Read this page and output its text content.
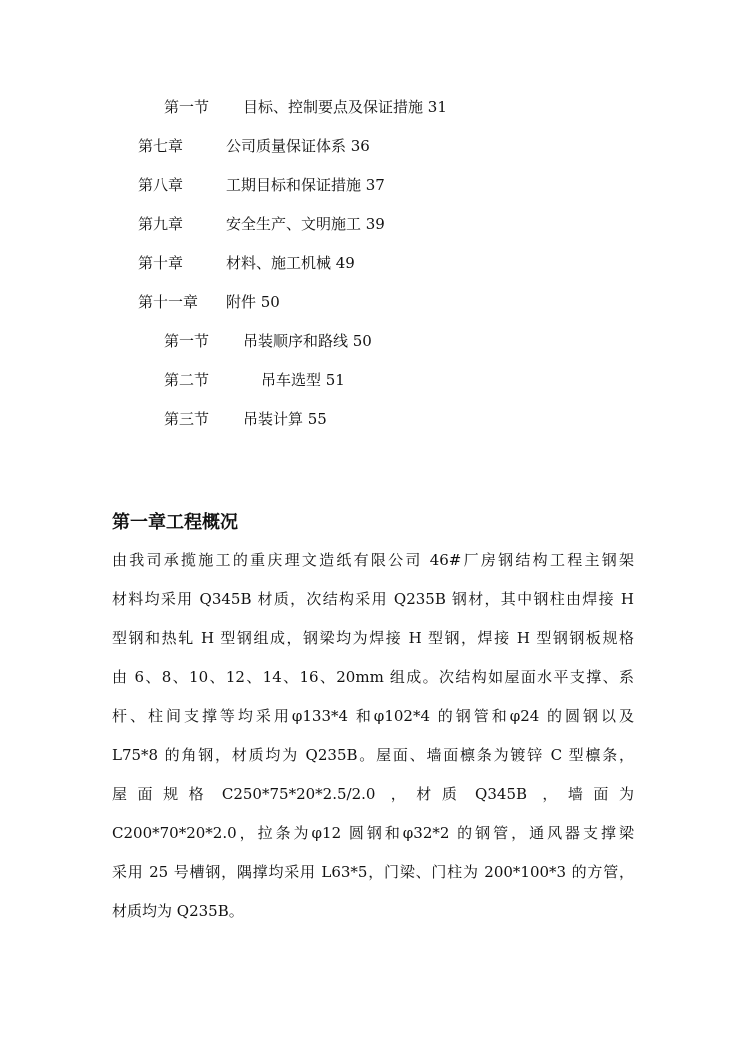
第一节 目标、控制要点及保证措施 31
第七章	公司质量保证体系 36
第八章	工期目标和保证措施 37
第九章	安全生产、文明施工 39
第十章	材料、施工机械 49
第十一章 附件 50
第一节 吊装顺序和路线 50
第二节	吊车选型 51
第三节 吊装计算 55
第一章工程概况
由我司承揽施工的重庆理文造纸有限公司 46#厂房钢结构工程主钢架
材料均采用 Q345B 材质，次结构采用 Q235B 钢材，其中钢柱由焊接 H
型钢和热轧 H 型钢组成，钢梁均为焊接 H 型钢，焊接 H 型钢钢板规格
由 6、8、10、12、14、16、20mm 组成。次结构如屋面水平支撑、系
杆、柱间支撑等均采用φ133*4 和φ102*4 的钢管和φ24 的圆钢以及
L75*8 的角钢，材质均为 Q235B。屋面、墙面檩条为镀锌 C 型檩条，
屋 面 规 格  C250*75*20*2.5/2.0  ， 材 质  Q345B  ， 墙 面 为
C200*70*20*2.0，拉条为φ12 圆钢和φ32*2 的钢管，通风器支撑梁
采用 25 号槽钢，隅撑均采用 L63*5，门梁、门柱为 200*100*3 的方管，
材质均为 Q235B。
